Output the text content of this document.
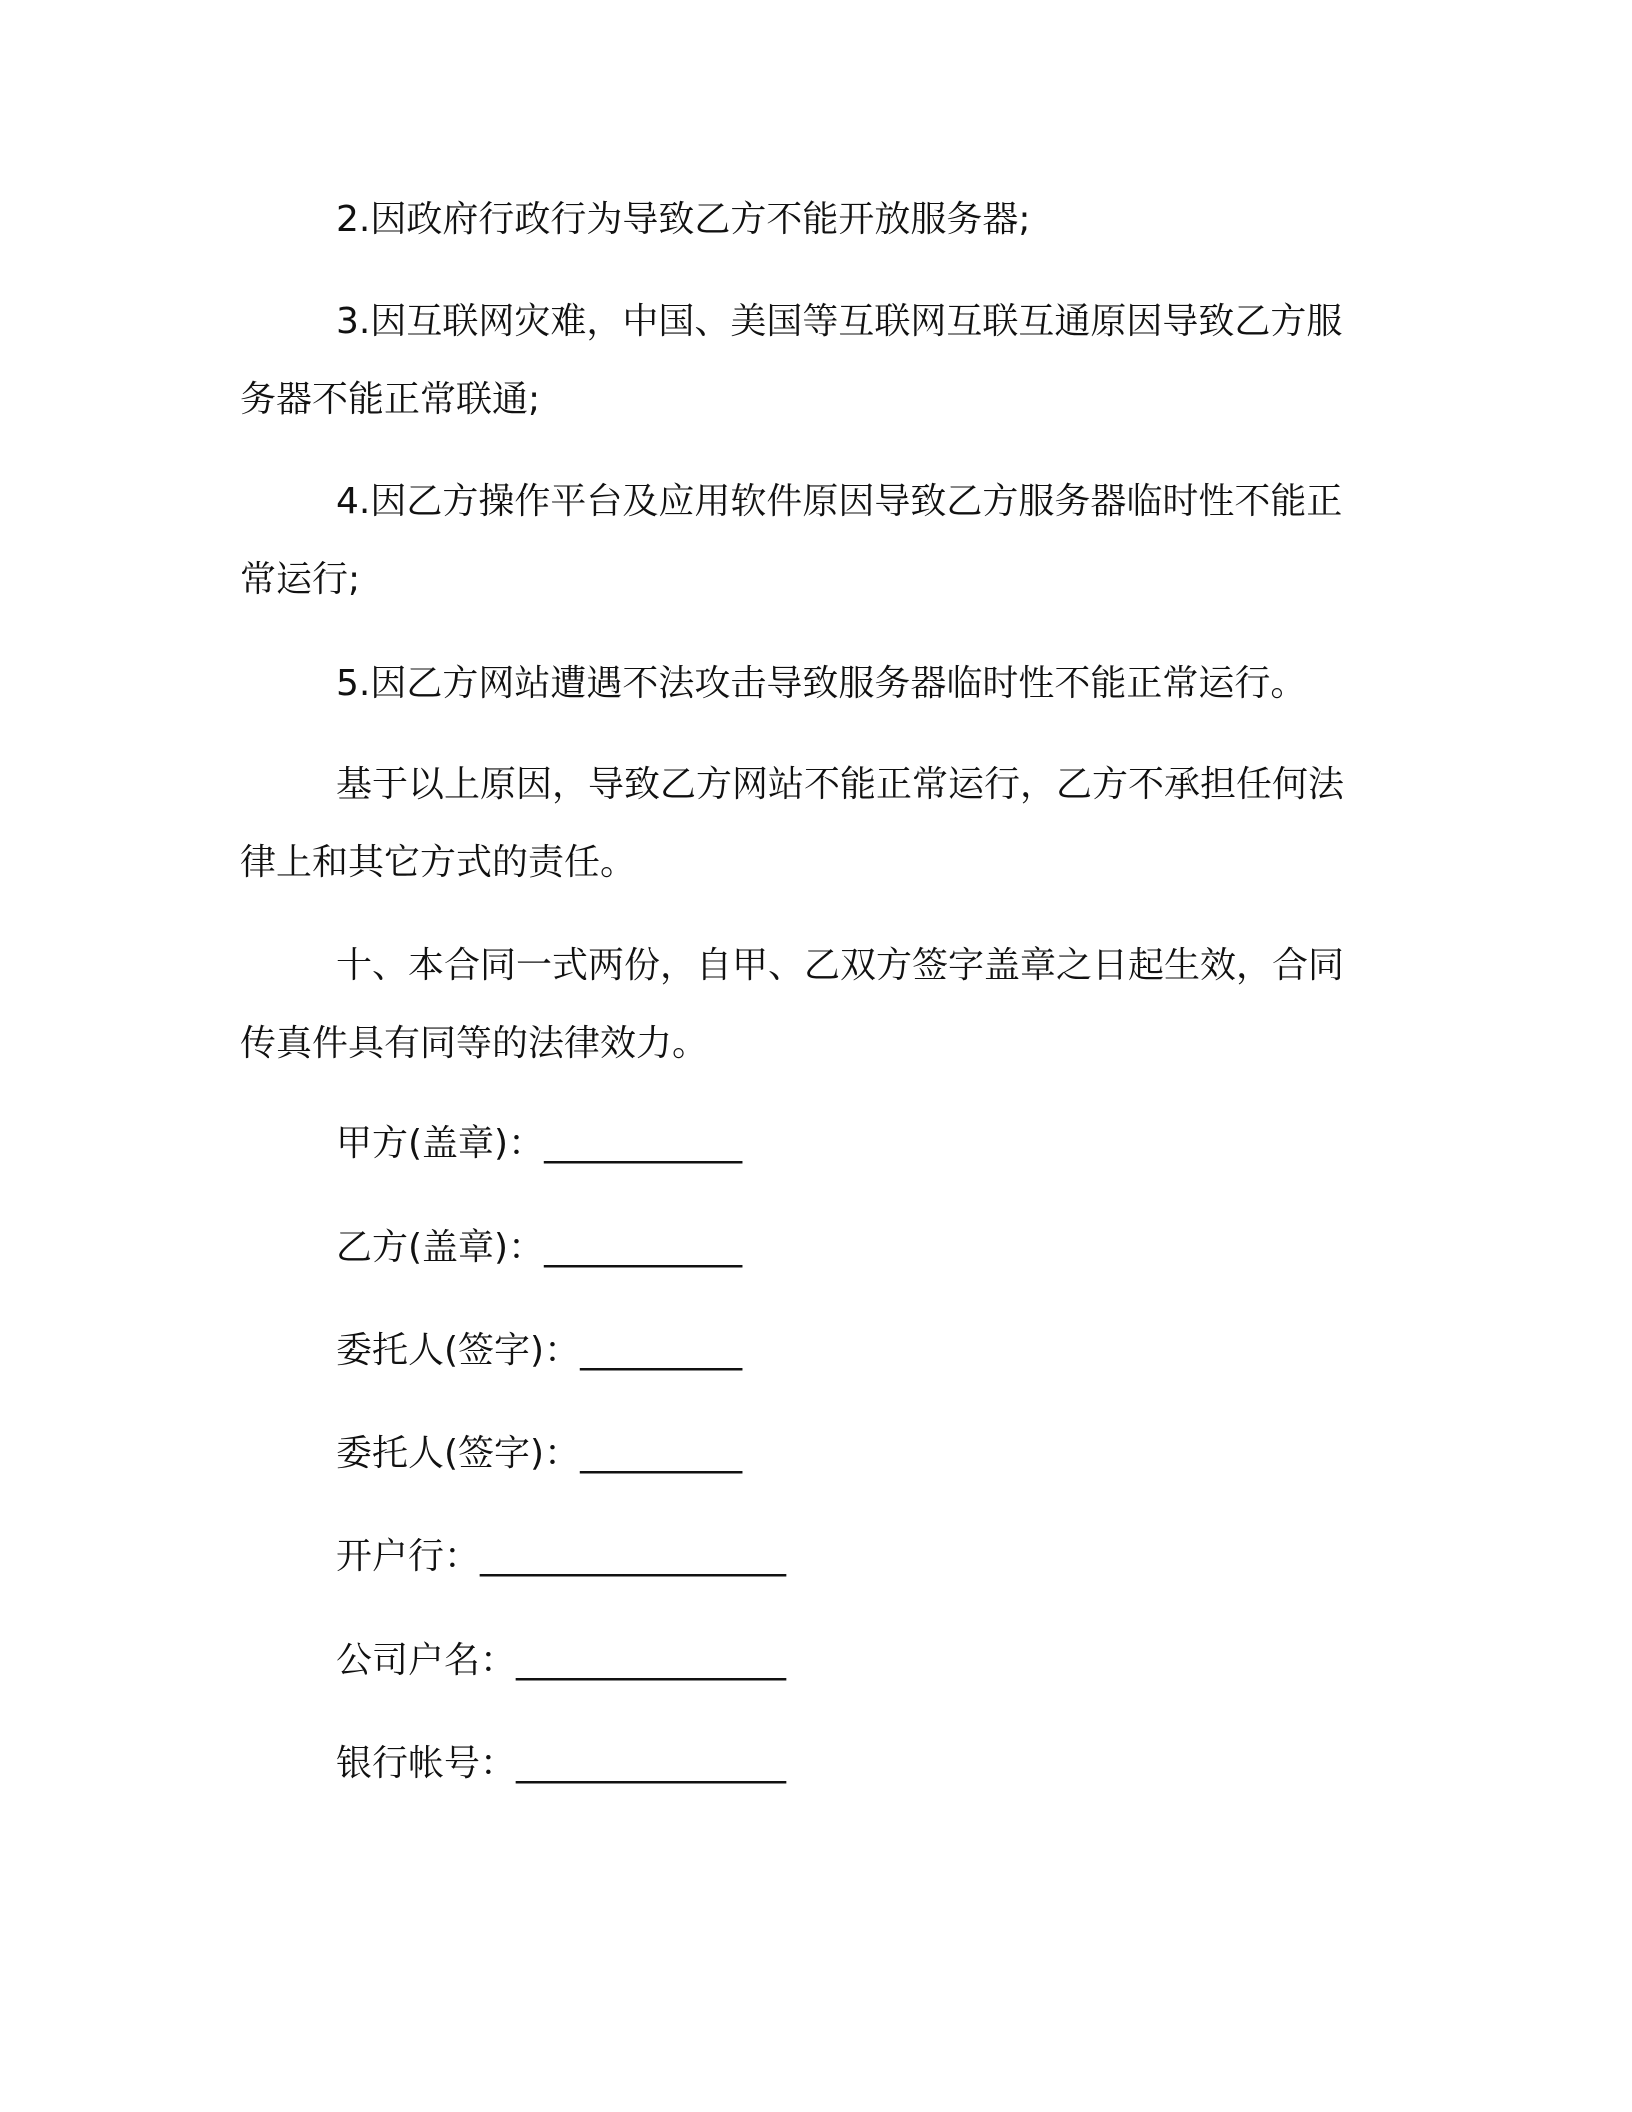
2.因政府行政行为导致乙方不能开放服务器;

3.因互联网灾难，中国、美国等互联网互联互通原因导致乙方服务器不能正常联通;

4.因乙方操作平台及应用软件原因导致乙方服务器临时性不能正常运行;

5.因乙方网站遭遇不法攻击导致服务器临时性不能正常运行。

基于以上原因，导致乙方网站不能正常运行，乙方不承担任何法律上和其它方式的责任。

十、本合同一式两份，自甲、乙双方签字盖章之日起生效，合同传真件具有同等的法律效力。

甲方(盖章)：___________
乙方(盖章)：___________
委托人(签字)：_________
委托人(签字)：_________
开户行：_________________
公司户名：_______________
银行帐号：_______________
